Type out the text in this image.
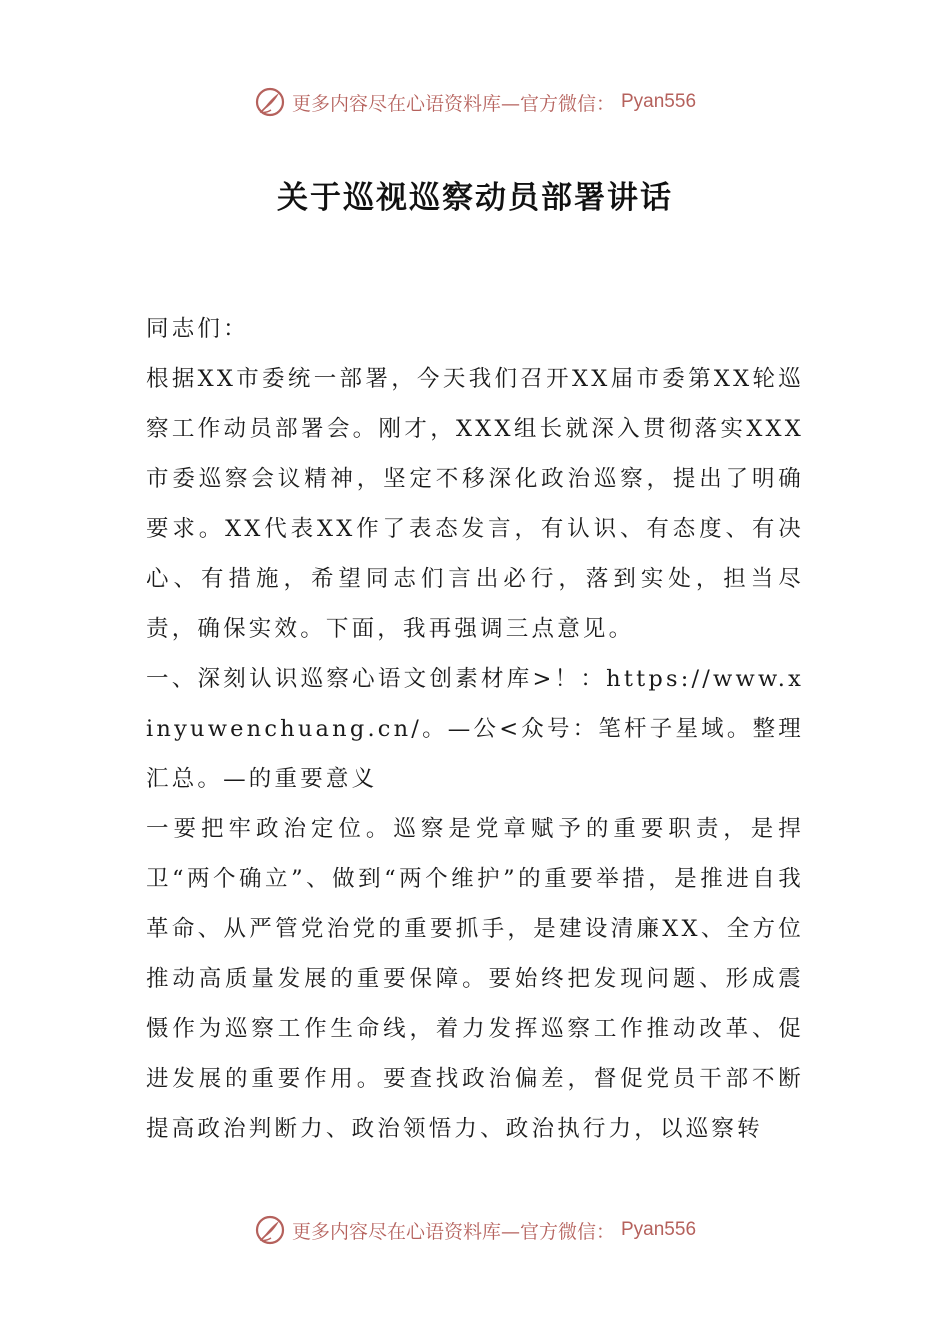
更多内容尽在心语资料库—官方微信： Pyan556
关于巡视巡察动员部署讲话

同志们：

根据XX市委统一部署，今天我们召开XX届市委第XX轮巡察工作动员部署会。刚才，XXX组长就深入贯彻落实XXX市委巡察会议精神，坚定不移深化政治巡察，提出了明确要求。XX代表XX作了表态发言，有认识、有态度、有决心、有措施，希望同志们言出必行，落到实处，担当尽责，确保实效。下面，我再强调三点意见。

一、深刻认识巡察心语文创素材库>！：https://www.xinyuwenchuang.cn/。—公<众号：笔杆子星域。整理汇总。—的重要意义

一要把牢政治定位。巡察是党章赋予的重要职责，是捍卫“两个确立”、做到“两个维护”的重要举措，是推进自我革命、从严管党治党的重要抓手，是建设清廉XX、全方位推动高质量发展的重要保障。要始终把发现问题、形成震慑作为巡察工作生命线，着力发挥巡察工作推动改革、促进发展的重要作用。要查找政治偏差，督促党员干部不断提高政治判断力、政治领悟力、政治执行力，以巡察转

更多内容尽在心语资料库—官方微信： Pyan556
